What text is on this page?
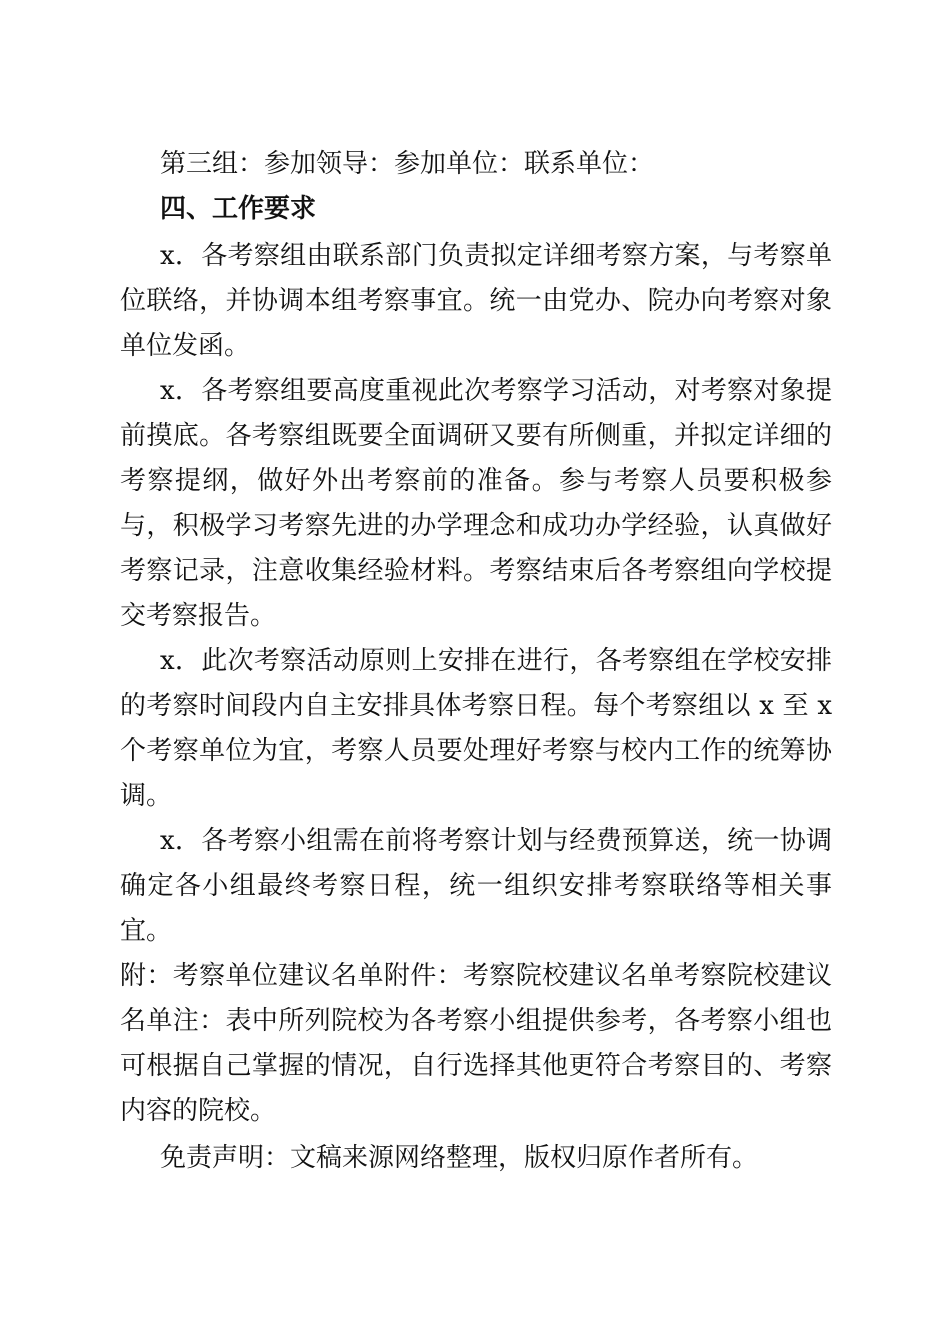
第三组：参加领导：参加单位：联系单位：

四、工作要求

x．各考察组由联系部门负责拟定详细考察方案，与考察单位联络，并协调本组考察事宜。统一由党办、院办向考察对象单位发函。

x．各考察组要高度重视此次考察学习活动，对考察对象提前摸底。各考察组既要全面调研又要有所侧重，并拟定详细的考察提纲，做好外出考察前的准备。参与考察人员要积极参与，积极学习考察先进的办学理念和成功办学经验，认真做好考察记录，注意收集经验材料。考察结束后各考察组向学校提交考察报告。

x．此次考察活动原则上安排在进行，各考察组在学校安排的考察时间段内自主安排具体考察日程。每个考察组以 x 至 x 个考察单位为宜，考察人员要处理好考察与校内工作的统筹协调。

x．各考察小组需在前将考察计划与经费预算送，统一协调确定各小组最终考察日程，统一组织安排考察联络等相关事宜。

附：考察单位建议名单附件：考察院校建议名单考察院校建议名单注：表中所列院校为各考察小组提供参考，各考察小组也可根据自己掌握的情况，自行选择其他更符合考察目的、考察内容的院校。

免责声明：文稿来源网络整理，版权归原作者所有。
